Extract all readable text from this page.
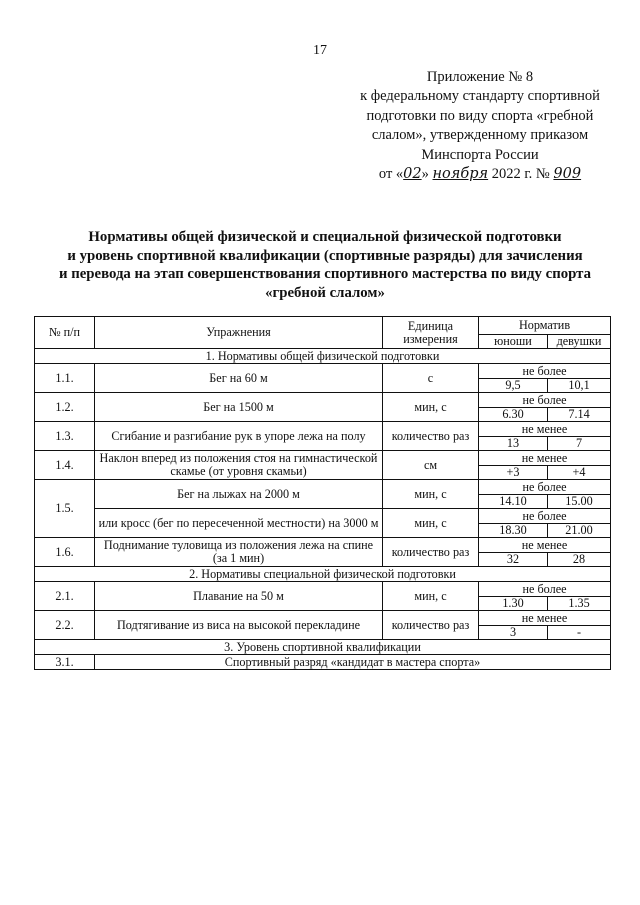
17
Приложение № 8
к федеральному стандарту спортивной
подготовки по виду спорта «гребной
слалом», утвержденному приказом
Минспорта России
от «02» ноября 2022 г. № 909
Нормативы общей физической и специальной физической подготовки
и уровень спортивной квалификации (спортивные разряды) для зачисления
и перевода на этап совершенствования спортивного мастерства по виду спорта
«гребной слалом»
№ п/п	Упражнения	Единица
измерения	Норматив	
			юноши	девушки
1. Нормативы общей физической подготовки				
1.1.	Бег на 60 м	с	не более	
			9,5	10,1
1.2.	Бег на 1500 м	мин, с	не более	
			6.30	7.14
1.3.	Сгибание и разгибание рук в упоре лежа на полу	количество раз	не менее	
			13	7
1.4.	Наклон вперед из положения стоя на гимнастической скамье (от уровня скамьи)	см	не менее	
			+3	+4
1.5.	Бег на лыжах на 2000 м	мин, с	не более	
			14.10	15.00
	или кросс (бег по пересеченной местности) на 3000 м	мин, с	не более	
			18.30	21.00
1.6.	Поднимание туловища из положения лежа на спине (за 1 мин)	количество раз	не менее	
			32	28
2. Нормативы специальной физической подготовки				
2.1.	Плавание на 50 м	мин, с	не более	
			1.30	1.35
2.2.	Подтягивание из виса на высокой перекладине	количество раз	не менее	
			3	-
3. Уровень спортивной квалификации				
3.1.	Спортивный разряд «кандидат в мастера спорта»			
